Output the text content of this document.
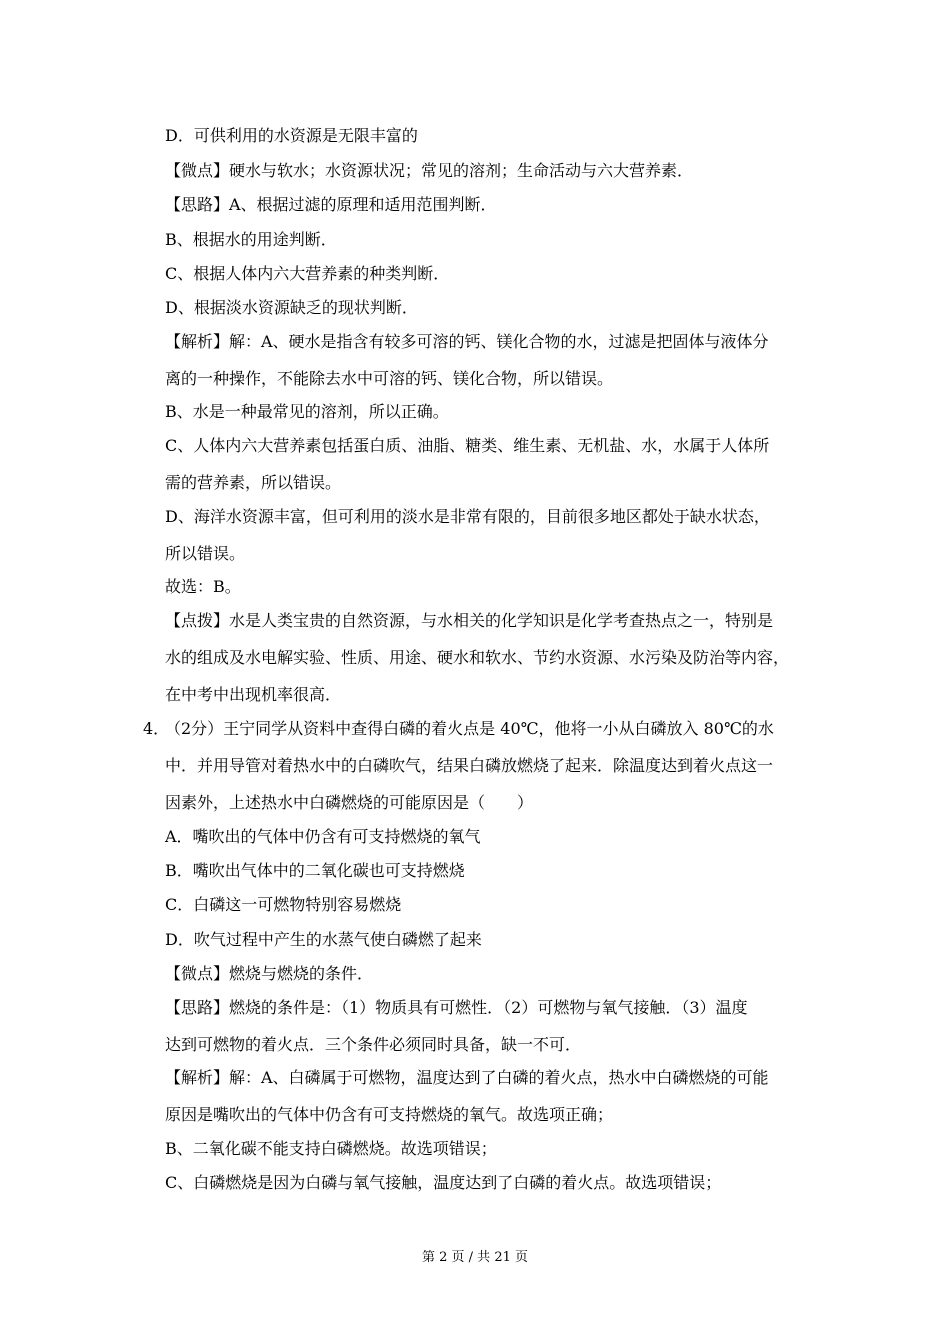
D．可供利用的水资源是无限丰富的
【微点】硬水与软水；水资源状况；常见的溶剂；生命活动与六大营养素．
【思路】A、根据过滤的原理和适用范围判断．
B、根据水的用途判断．
C、根据人体内六大营养素的种类判断．
D、根据淡水资源缺乏的现状判断．
【解析】解：A、硬水是指含有较多可溶的钙、镁化合物的水，过滤是把固体与液体分
离的一种操作，不能除去水中可溶的钙、镁化合物，所以错误。
B、水是一种最常见的溶剂，所以正确。
C、人体内六大营养素包括蛋白质、油脂、糖类、维生素、无机盐、水，水属于人体所
需的营养素，所以错误。
D、海洋水资源丰富，但可利用的淡水是非常有限的，目前很多地区都处于缺水状态，
所以错误。
故选：B。
【点拨】水是人类宝贵的自然资源，与水相关的化学知识是化学考查热点之一，特别是
水的组成及水电解实验、性质、用途、硬水和软水、节约水资源、水污染及防治等内容，
在中考中出现机率很高．
4．
（2分）王宁同学从资料中查得白磷的着火点是 40℃，他将一小从白磷放入 80℃的水
中．并用导管对着热水中的白磷吹气，结果白磷放燃烧了起来．除温度达到着火点这一
因素外，上述热水中白磷燃烧的可能原因是（　　）
A．嘴吹出的气体中仍含有可支持燃烧的氧气
B．嘴吹出气体中的二氧化碳也可支持燃烧
C．白磷这一可燃物特别容易燃烧
D．吹气过程中产生的水蒸气使白磷燃了起来
【微点】燃烧与燃烧的条件．
【思路】燃烧的条件是：（1）物质具有可燃性．（2）可燃物与氧气接触．（3）温度
达到可燃物的着火点．三个条件必须同时具备，缺一不可．
【解析】解：A、白磷属于可燃物，温度达到了白磷的着火点，热水中白磷燃烧的可能
原因是嘴吹出的气体中仍含有可支持燃烧的氧气。故选项正确；
B、二氧化碳不能支持白磷燃烧。故选项错误；
C、白磷燃烧是因为白磷与氧气接触，温度达到了白磷的着火点。故选项错误；
第 2 页 / 共 21 页
